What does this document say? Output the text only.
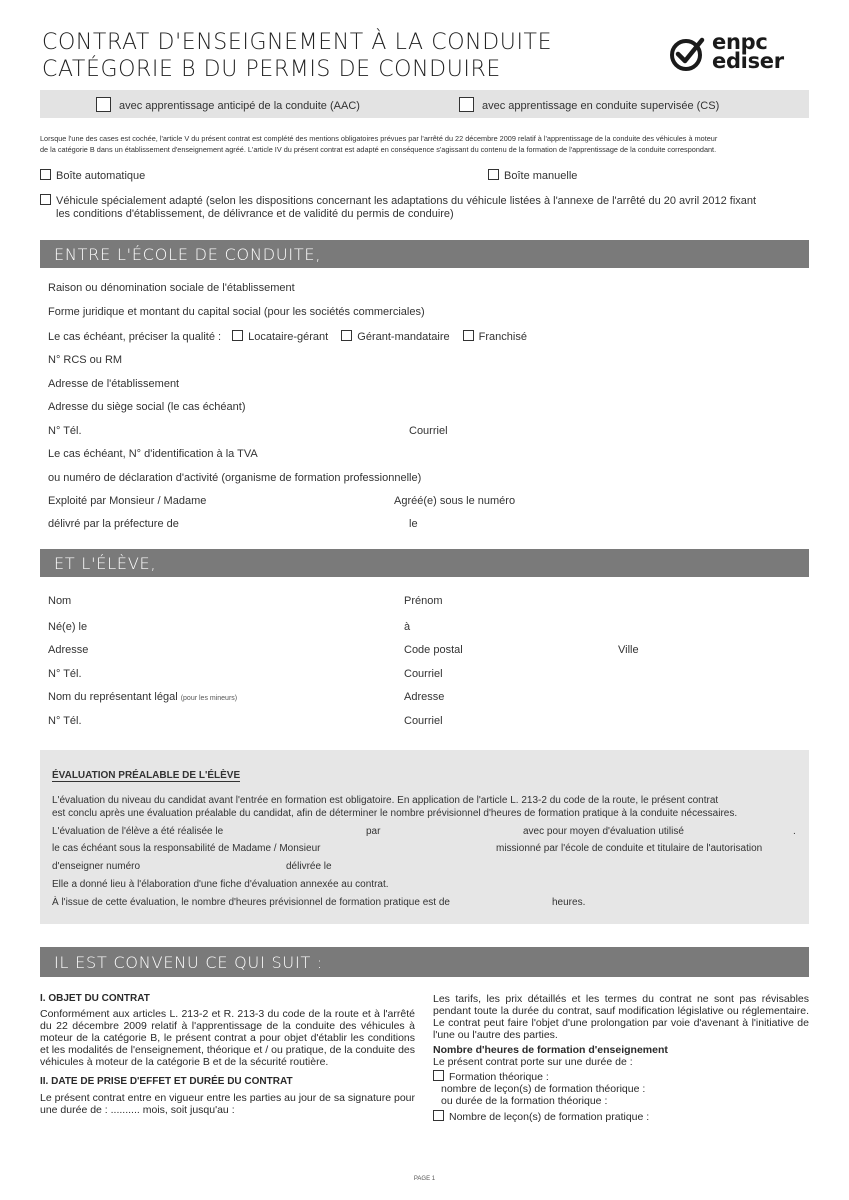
CONTRAT D'ENSEIGNEMENT À LA CONDUITE
CATÉGORIE B DU PERMIS DE CONDUIRE
enpc
ediser
avec apprentissage anticipé de la conduite (AAC)	avec apprentissage en conduite supervisée (CS)
Lorsque l'une des cases est cochée, l'article V du présent contrat est complété des mentions obligatoires prévues par l'arrêté du 22 décembre 2009 relatif à l'apprentissage de la conduite des véhicules à moteur
de la catégorie B dans un établissement d'enseignement agréé. L'article IV du présent contrat est adapté en conséquence s'agissant du contenu de la formation de l'apprentissage de la conduite correspondant.
Boîte automatique	Boîte manuelle
Véhicule spécialement adapté (selon les dispositions concernant les adaptations du véhicule listées à l'annexe de l'arrêté du 20 avril 2012 fixant
les conditions d'établissement, de délivrance et de validité du permis de conduire)
ENTRE L'ÉCOLE DE CONDUITE,
Raison ou dénomination sociale de l'établissement
Forme juridique et montant du capital social (pour les sociétés commerciales)
Le cas échéant, préciser la qualité : Locataire-gérant	Gérant-mandataire	Franchisé
N° RCS ou RM
Adresse de l'établissement
Adresse du siège social (le cas échéant)
N° Tél.	Courriel
Le cas échéant, N° d'identification à la TVA
ou numéro de déclaration d'activité (organisme de formation professionnelle)
Exploité par Monsieur / Madame	Agréé(e) sous le numéro
délivré par la préfecture de	le
ET L'ÉLÈVE,
Nom	Prénom
Né(e) le	à
Adresse	Code postal	Ville
N° Tél.	Courriel
Nom du représentant légal (pour les mineurs)	Adresse
N° Tél.	Courriel
ÉVALUATION PRÉALABLE DE L'ÉLÈVE
L'évaluation du niveau du candidat avant l'entrée en formation est obligatoire. En application de l'article L. 213-2 du code de la route, le présent contrat
est conclu après une évaluation préalable du candidat, afin de déterminer le nombre prévisionnel d'heures de formation pratique à la conduite nécessaires.
L'évaluation de l'élève a été réalisée le	par	avec pour moyen d'évaluation utilisé	.
le cas échéant sous la responsabilité de Madame / Monsieur	missionné par l'école de conduite et titulaire de l'autorisation
d'enseigner numéro	délivrée le
Elle a donné lieu à l'élaboration d'une fiche d'évaluation annexée au contrat.
À l'issue de cette évaluation, le nombre d'heures prévisionnel de formation pratique est de	heures.
IL EST CONVENU CE QUI SUIT :
I. OBJET DU CONTRAT
Conformément aux articles L. 213-2 et R. 213-3 du code de la route et à l'arrêté du 22 décembre 2009 relatif à l'apprentissage de la conduite des véhicules à moteur de la catégorie B, le présent contrat a pour objet d'établir les conditions et les modalités de l'enseignement, théorique et / ou pratique, de la conduite des véhicules à moteur de la catégorie B et de la sécurité routière.
II. DATE DE PRISE D'EFFET ET DURÉE DU CONTRAT
Le présent contrat entre en vigueur entre les parties au jour de sa signature pour une durée de : .......... mois, soit jusqu'au :
Les tarifs, les prix détaillés et les termes du contrat ne sont pas révisables pendant toute la durée du contrat, sauf modification législative ou réglementaire. Le contrat peut faire l'objet d'une prolongation par voie d'avenant à l'initiative de l'une ou l'autre des parties.
Nombre d'heures de formation d'enseignement
Le présent contrat porte sur une durée de :
Formation théorique :
nombre de leçon(s) de formation théorique :
ou durée de la formation théorique :
Nombre de leçon(s) de formation pratique :
PAGE 1
